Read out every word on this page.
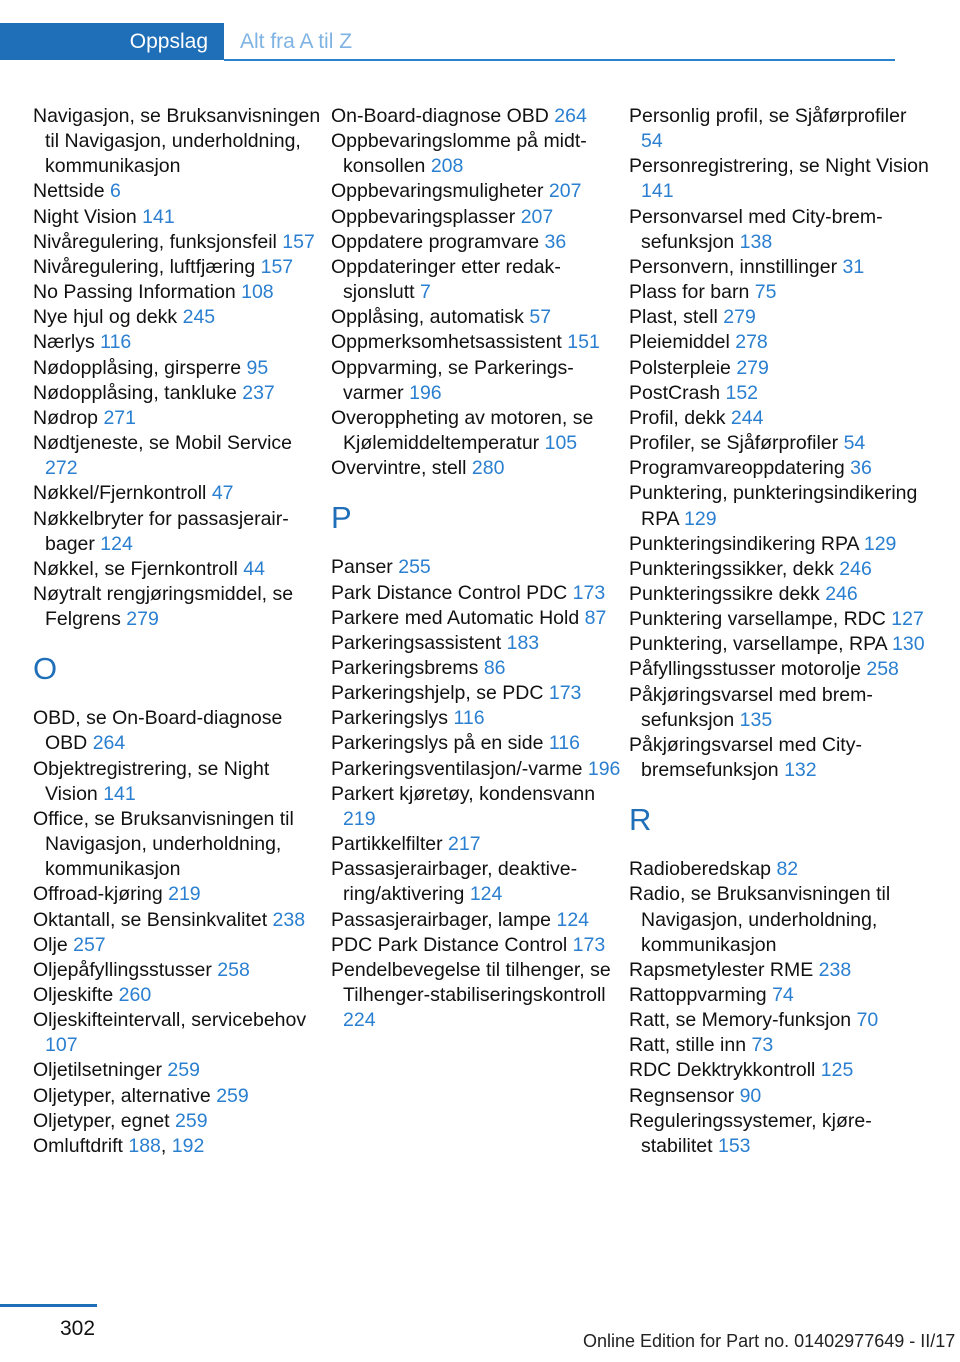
Oppslag	Alt fra A til Z

Navigasjon, se Bruksanvisningen til Navigasjon, underholdning, kommunikasjon

Nettside 6

Night Vision 141

Nivåregulering, funksjonsfeil 157

Nivåregulering, luftfjæring 157

No Passing Information 108

Nye hjul og dekk 245

Nærlys 116

Nødopplåsing, girsperre 95

Nødopplåsing, tankluke 237

Nødrop 271

Nødtjeneste, se Mobil Service 272

Nøkkel/Fjernkontroll 47

Nøkkelbryter for passasjerairbager 124

Nøkkel, se Fjernkontroll 44

Nøytralt rengjøringsmiddel, se Felgrens 279

O

OBD, se On-Board-diagnose OBD 264

Objektregistrering, se Night Vision 141

Office, se Bruksanvisningen til Navigasjon, underholdning, kommunikasjon

Offroad-kjøring 219

Oktantall, se Bensinkvalitet 238

Olje 257

Oljepåfyllingsstusser 258

Oljeskifte 260

Oljeskifteintervall, servicebehov 107

Oljetilsetninger 259

Oljetyper, alternative 259

Oljetyper, egnet 259

Omluftdrift 188, 192

On-Board-diagnose OBD 264

Oppbevaringslomme på midtkonsollen 208

Oppbevaringsmuligheter 207

Oppbevaringsplasser 207

Oppdatere programvare 36

Oppdateringer etter redaksjonslutt 7

Opplåsing, automatisk 57

Oppmerksomhetsassistent 151

Oppvarming, se Parkeringsvarmer 196

Overoppheting av motoren, se Kjølemiddeltemperatur 105

Overvintre, stell 280

P

Panser 255

Park Distance Control PDC 173

Parkere med Automatic Hold 87

Parkeringsassistent 183

Parkeringsbrems 86

Parkeringshjelp, se PDC 173

Parkeringslys 116

Parkeringslys på en side 116

Parkeringsventilasjon/-varme 196

Parkert kjøretøy, kondensvann 219

Partikkelfilter 217

Passasjerairbager, deaktivering/aktivering 124

Passasjerairbager, lampe 124

PDC Park Distance Control 173

Pendelbevegelse til tilhenger, se Tilhenger-stabiliseringskontroll 224

Personlig profil, se Sjåførprofiler 54

Personregistrering, se Night Vision 141

Personvarsel med City-bremsefunksjon 138

Personvern, innstillinger 31

Plass for barn 75

Plast, stell 279

Pleiemiddel 278

Polsterpleie 279

PostCrash 152

Profil, dekk 244

Profiler, se Sjåførprofiler 54

Programvareoppdatering 36

Punktering, punkteringsindikering RPA 129

Punkteringsindikering RPA 129

Punkteringssikker, dekk 246

Punkteringssikre dekk 246

Punktering varsellampe, RDC 127

Punktering, varsellampe, RPA 130

Påfyllingsstusser motorolje 258

Påkjøringsvarsel med bremsefunksjon 135

Påkjøringsvarsel med City-bremsefunksjon 132

R

Radioberedskap 82

Radio, se Bruksanvisningen til Navigasjon, underholdning, kommunikasjon

Rapsmetylester RME 238

Rattoppvarming 74

Ratt, se Memory-funksjon 70

Ratt, stille inn 73

RDC Dekktrykkontroll 125

Regnsensor 90

Reguleringssystemer, kjørestabilitet 153

302
Online Edition for Part no. 01402977649 - II/17
